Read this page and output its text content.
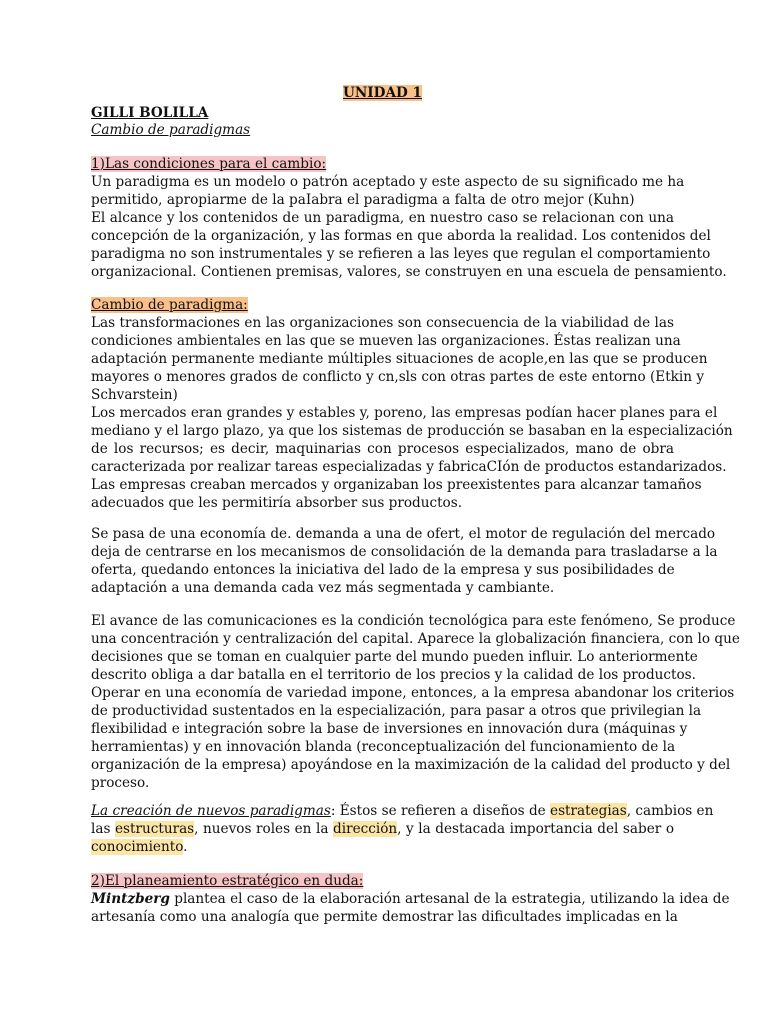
UNIDAD 1
GILLI BOLILLA
Cambio de paradigmas
1)Las condiciones para el cambio:
Un paradigma es un modelo o patrón aceptado y este aspecto de su significado me ha
permitido, apropiarme de la paIabra el paradigma a falta de otro mejor (Kuhn)
El alcance y los contenidos de un paradigma, en nuestro caso se relacionan con una
concepción de la organización, y las formas en que aborda la realidad. Los contenidos del
paradigma no son instrumentales y se refieren a las leyes que regulan el comportamiento
organizacional. Contienen premisas, valores, se construyen en una escuela de pensamiento.
Cambio de paradigma:
Las transformaciones en las organizaciones son consecuencia de la viabilidad de las
condiciones ambientales en las que se mueven las organizaciones. Éstas realizan una
adaptación permanente mediante múltiples situaciones de acople,en las que se producen
mayores o menores grados de conflicto y cn,sls con otras partes de este entorno (Etkin y
Schvarstein)
Los mercados eran grandes y estables y, poreno, las empresas podían hacer planes para el
mediano y el largo plazo, ya que los sistemas de producción se basaban en la especialización
de los recursos; es decir, maquinarias con procesos especializados, mano de obra
caracterizada por realizar tareas especializadas y fabricaCIón de productos estandarizados.
Las empresas creaban mercados y organizaban los preexistentes para alcanzar tamaños
adecuados que les permitiría absorber sus productos.
Se pasa de una economía de. demanda a una de ofert, el motor de regulación del mercado
deja de centrarse en los mecanismos de consolidación de la demanda para trasladarse a la
oferta, quedando entonces la iniciativa del lado de la empresa y sus posibilidades de
adaptación a una demanda cada vez más segmentada y cambiante.
El avance de las comunicaciones es la condición tecnológica para este fenómeno, Se produce
una concentración y centralización del capital. Aparece la globalización financiera, con lo que
decisiones que se toman en cualquier parte del mundo pueden influir. Lo anteriormente
descrito obliga a dar batalla en el territorio de los precios y la calidad de los productos.
Operar en una economía de variedad impone, entonces, a la empresa abandonar los criterios
de productividad sustentados en la especialización, para pasar a otros que privilegian la
flexibilidad e integración sobre la base de inversiones en innovación dura (máquinas y
herramientas) y en innovación blanda (reconceptualización del funcionamiento de la
organización de la empresa) apoyándose en la maximización de la calidad del producto y del
proceso.
La creación de nuevos paradigmas: Éstos se refieren a diseños de estrategias, cambios en
las estructuras, nuevos roles en la dirección, y la destacada importancia del saber o
conocimiento.
2)El planeamiento estratégico en duda:
Mintzberg plantea el caso de la elaboración artesanal de la estrategia, utilizando la idea de
artesanía como una analogía que permite demostrar las dificultades implicadas en la
